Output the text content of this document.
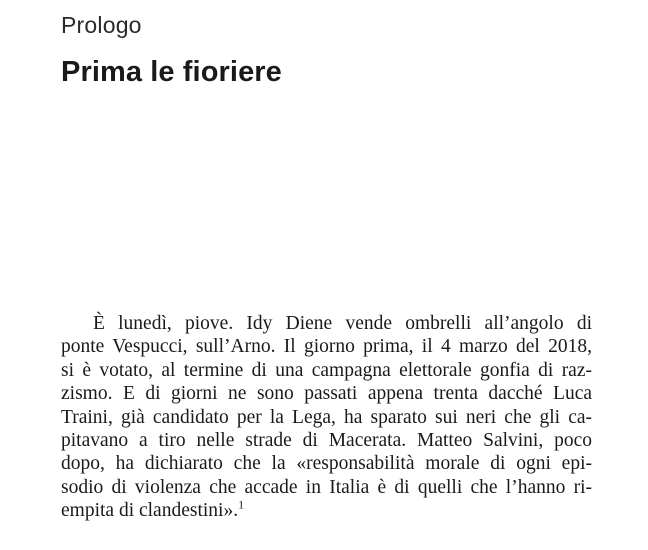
Prologo
Prima le fioriere
È lunedì, piove. Idy Diene vende ombrelli all’angolo di
ponte Vespucci, sull’Arno. Il giorno prima, il 4 marzo del 2018,
si è votato, al termine di una campagna elettorale gonfia di raz-
zismo. E di giorni ne sono passati appena trenta dacché Luca
Traini, già candidato per la Lega, ha sparato sui neri che gli ca-
pitavano a tiro nelle strade di Macerata. Matteo Salvini, poco
dopo, ha dichiarato che la «responsabilità morale di ogni epi-
sodio di violenza che accade in Italia è di quelli che l’hanno ri-
empita di clandestini».$^1$
